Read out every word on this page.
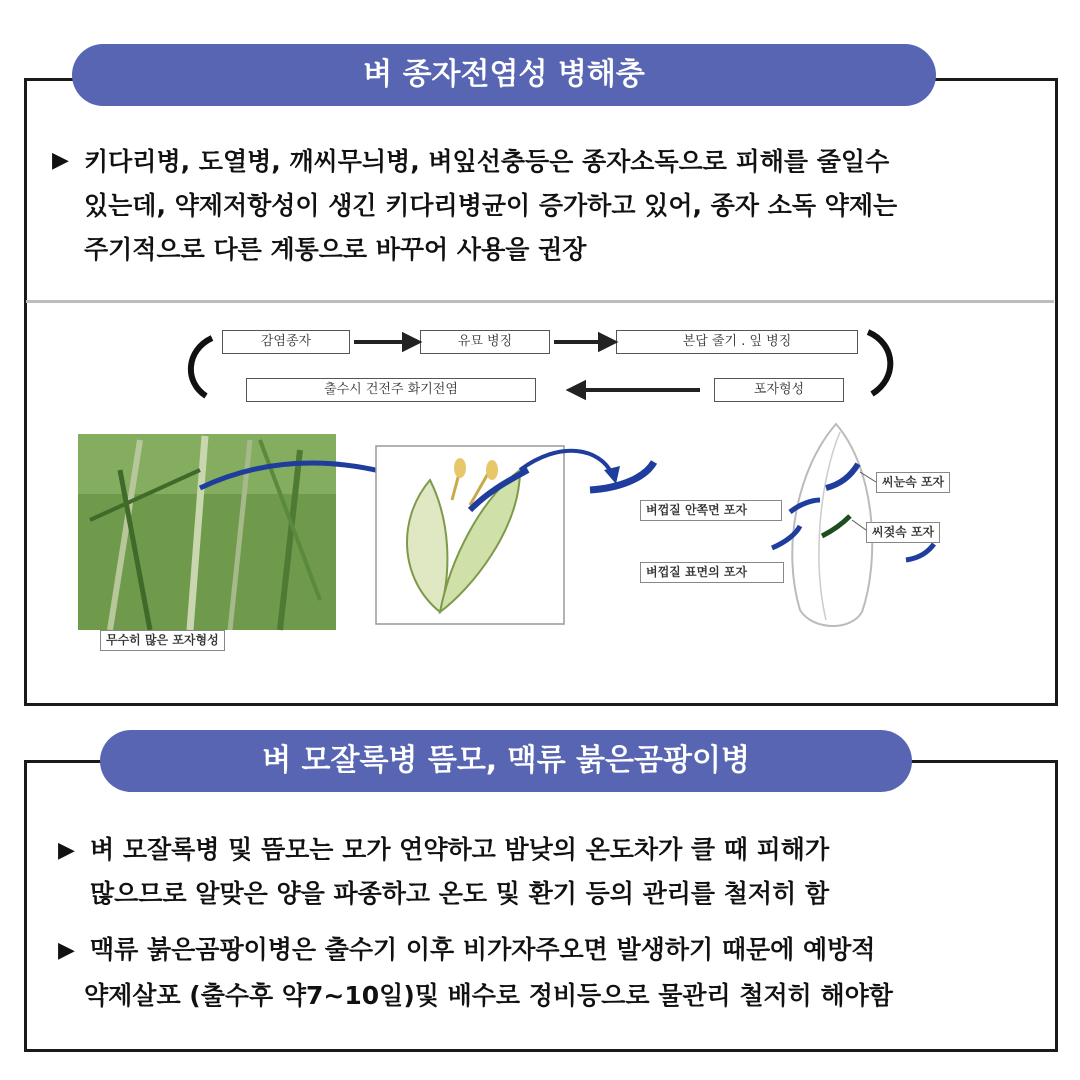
벼 종자전염성 병해충
▶ 키다리병, 도열병, 깨씨무늬병, 벼잎선충등은 종자소독으로 피해를 줄일수
있는데, 약제저항성이 생긴 키다리병균이 증가하고 있어, 종자 소독 약제는
주기적으로 다른 계통으로 바꾸어 사용을 권장
감염종자	유묘 병징	본답 줄기 . 잎 병징
출수시 건전주 화기전염	포자형성
무수히 많은 포자형성
씨눈속 포자
벼껍질 안쪽면 포자
씨젖속 포자
벼껍질 표면의 포자
벼 모잘록병 뜸모, 맥류 붉은곰팡이병
▶ 벼 모잘록병 및 뜸모는 모가 연약하고 밤낮의 온도차가 클 때 피해가
많으므로 알맞은 양을 파종하고 온도 및 환기 등의 관리를 철저히 함
▶ 맥류 붉은곰팡이병은 출수기 이후 비가자주오면 발생하기 때문에 예방적
약제살포 (출수후 약7~10일)및 배수로 정비등으로 물관리 철저히 해야함
